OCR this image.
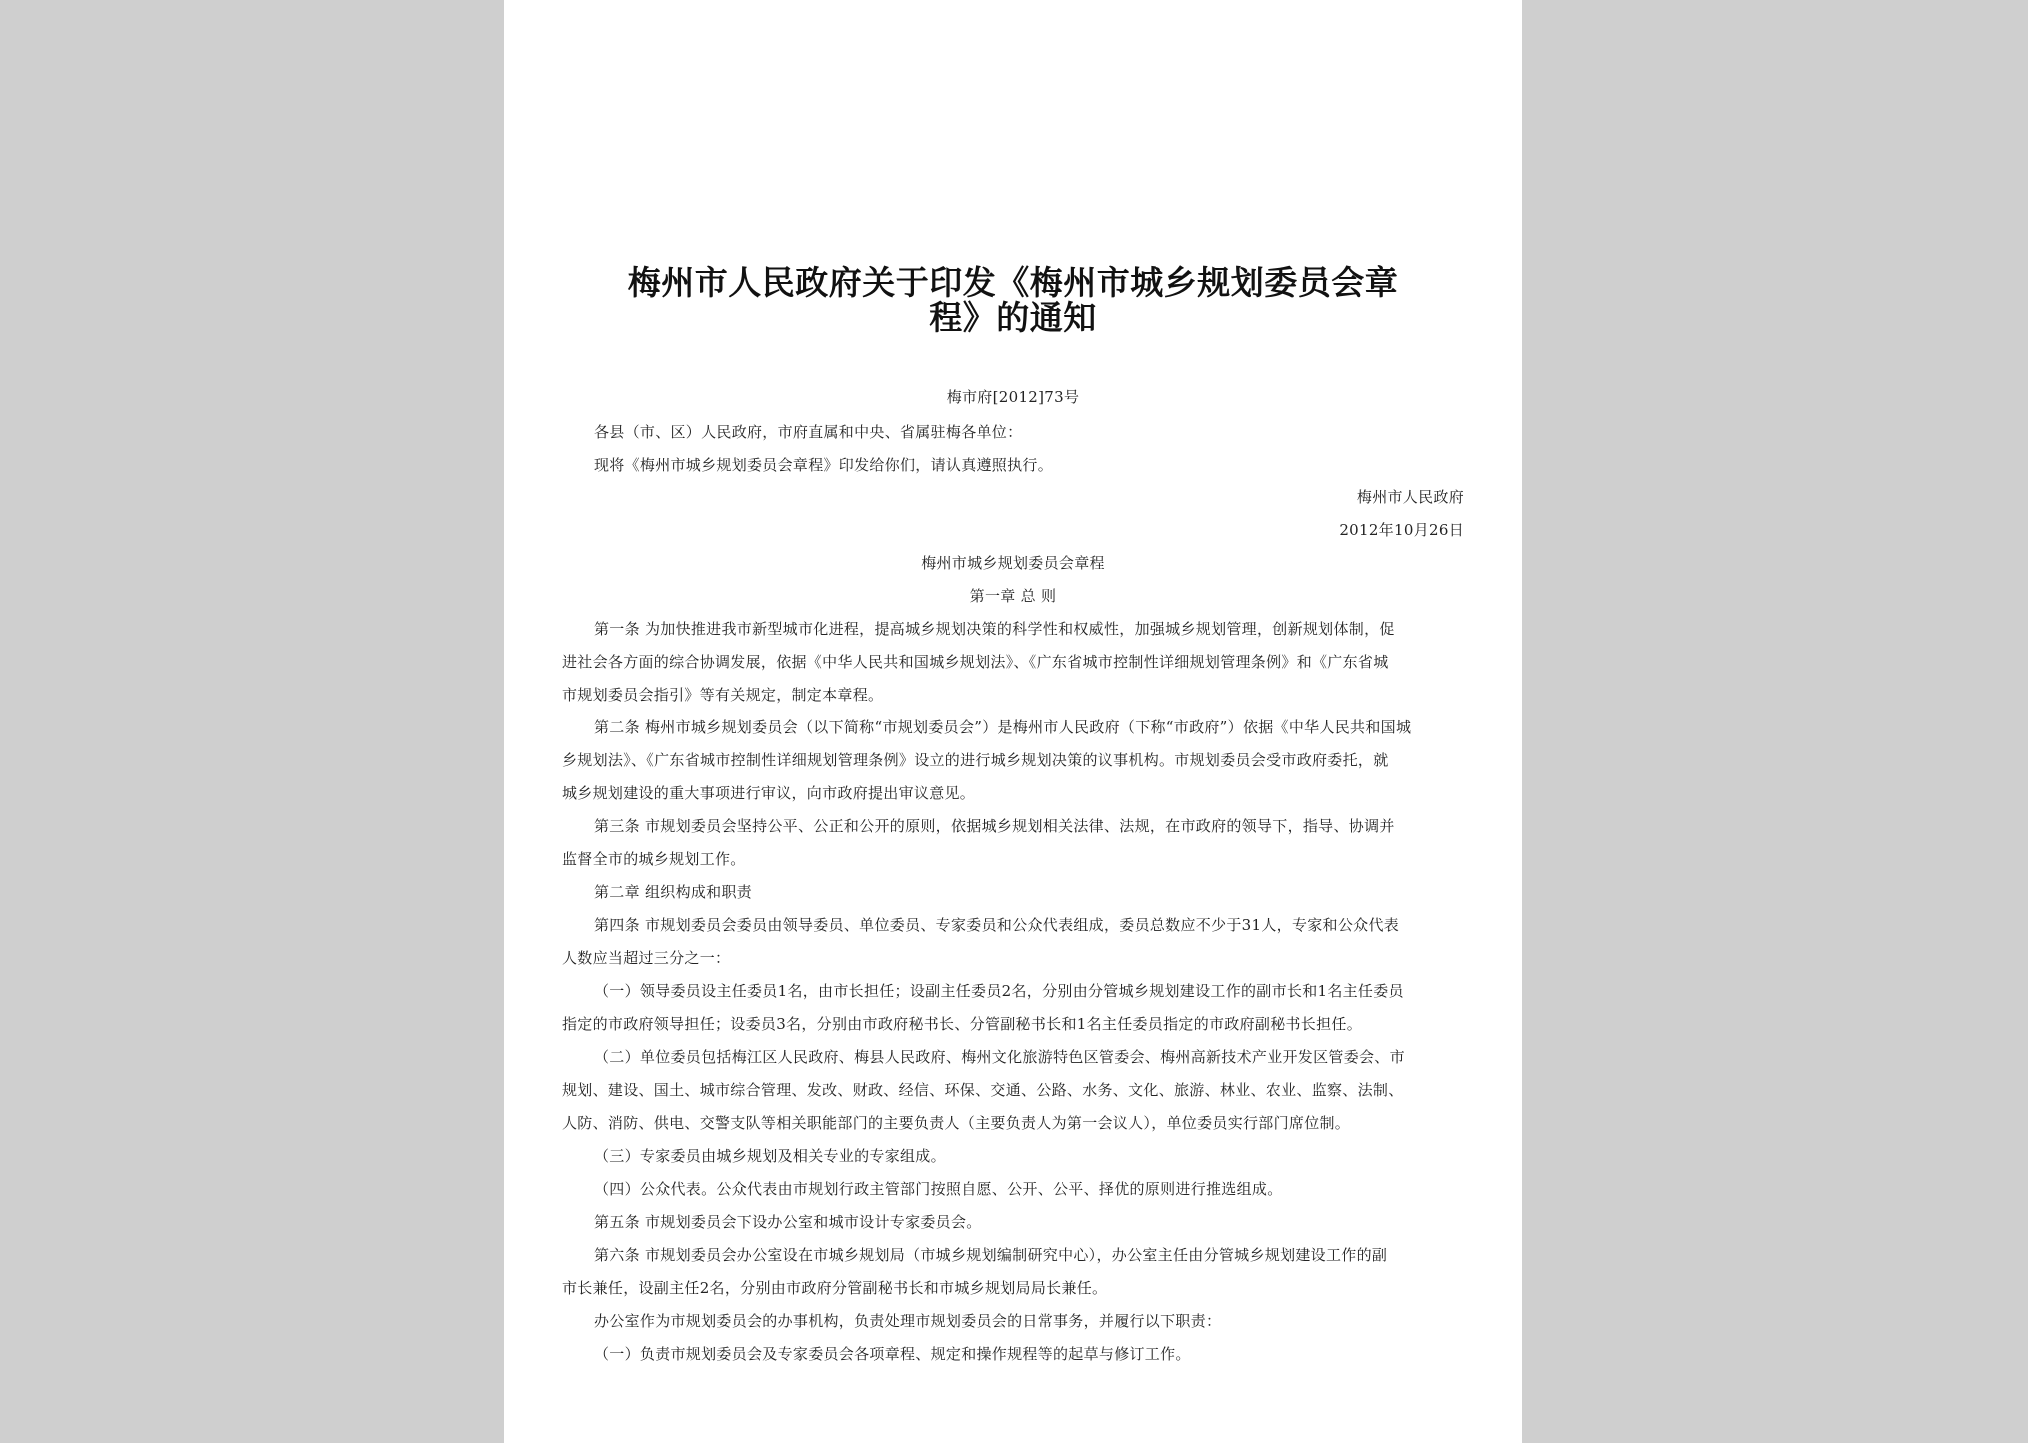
梅州市人民政府关于印发《梅州市城乡规划委员会章
程》的通知
梅市府[2012]73号
各县（市、区）人民政府，市府直属和中央、省属驻梅各单位：
现将《梅州市城乡规划委员会章程》印发给你们，请认真遵照执行。
梅州市人民政府
2012年10月26日
梅州市城乡规划委员会章程
第一章 总 则
第一条 为加快推进我市新型城市化进程，提高城乡规划决策的科学性和权威性，加强城乡规划管理，创新规划体制，促
进社会各方面的综合协调发展，依据《中华人民共和国城乡规划法》、《广东省城市控制性详细规划管理条例》和《广东省城
市规划委员会指引》等有关规定，制定本章程。
第二条 梅州市城乡规划委员会（以下简称“市规划委员会”）是梅州市人民政府（下称“市政府”）依据《中华人民共和国城
乡规划法》、《广东省城市控制性详细规划管理条例》设立的进行城乡规划决策的议事机构。市规划委员会受市政府委托，就
城乡规划建设的重大事项进行审议，向市政府提出审议意见。
第三条 市规划委员会坚持公平、公正和公开的原则，依据城乡规划相关法律、法规，在市政府的领导下，指导、协调并
监督全市的城乡规划工作。
第二章 组织构成和职责
第四条 市规划委员会委员由领导委员、单位委员、专家委员和公众代表组成，委员总数应不少于31人，专家和公众代表
人数应当超过三分之一：
（一）领导委员设主任委员1名，由市长担任；设副主任委员2名，分别由分管城乡规划建设工作的副市长和1名主任委员
指定的市政府领导担任；设委员3名，分别由市政府秘书长、分管副秘书长和1名主任委员指定的市政府副秘书长担任。
（二）单位委员包括梅江区人民政府、梅县人民政府、梅州文化旅游特色区管委会、梅州高新技术产业开发区管委会、市
规划、建设、国土、城市综合管理、发改、财政、经信、环保、交通、公路、水务、文化、旅游、林业、农业、监察、法制、
人防、消防、供电、交警支队等相关职能部门的主要负责人（主要负责人为第一会议人），单位委员实行部门席位制。
（三）专家委员由城乡规划及相关专业的专家组成。
（四）公众代表。公众代表由市规划行政主管部门按照自愿、公开、公平、择优的原则进行推选组成。
第五条 市规划委员会下设办公室和城市设计专家委员会。
第六条 市规划委员会办公室设在市城乡规划局（市城乡规划编制研究中心），办公室主任由分管城乡规划建设工作的副
市长兼任，设副主任2名，分别由市政府分管副秘书长和市城乡规划局局长兼任。
办公室作为市规划委员会的办事机构，负责处理市规划委员会的日常事务，并履行以下职责：
（一）负责市规划委员会及专家委员会各项章程、规定和操作规程等的起草与修订工作。
